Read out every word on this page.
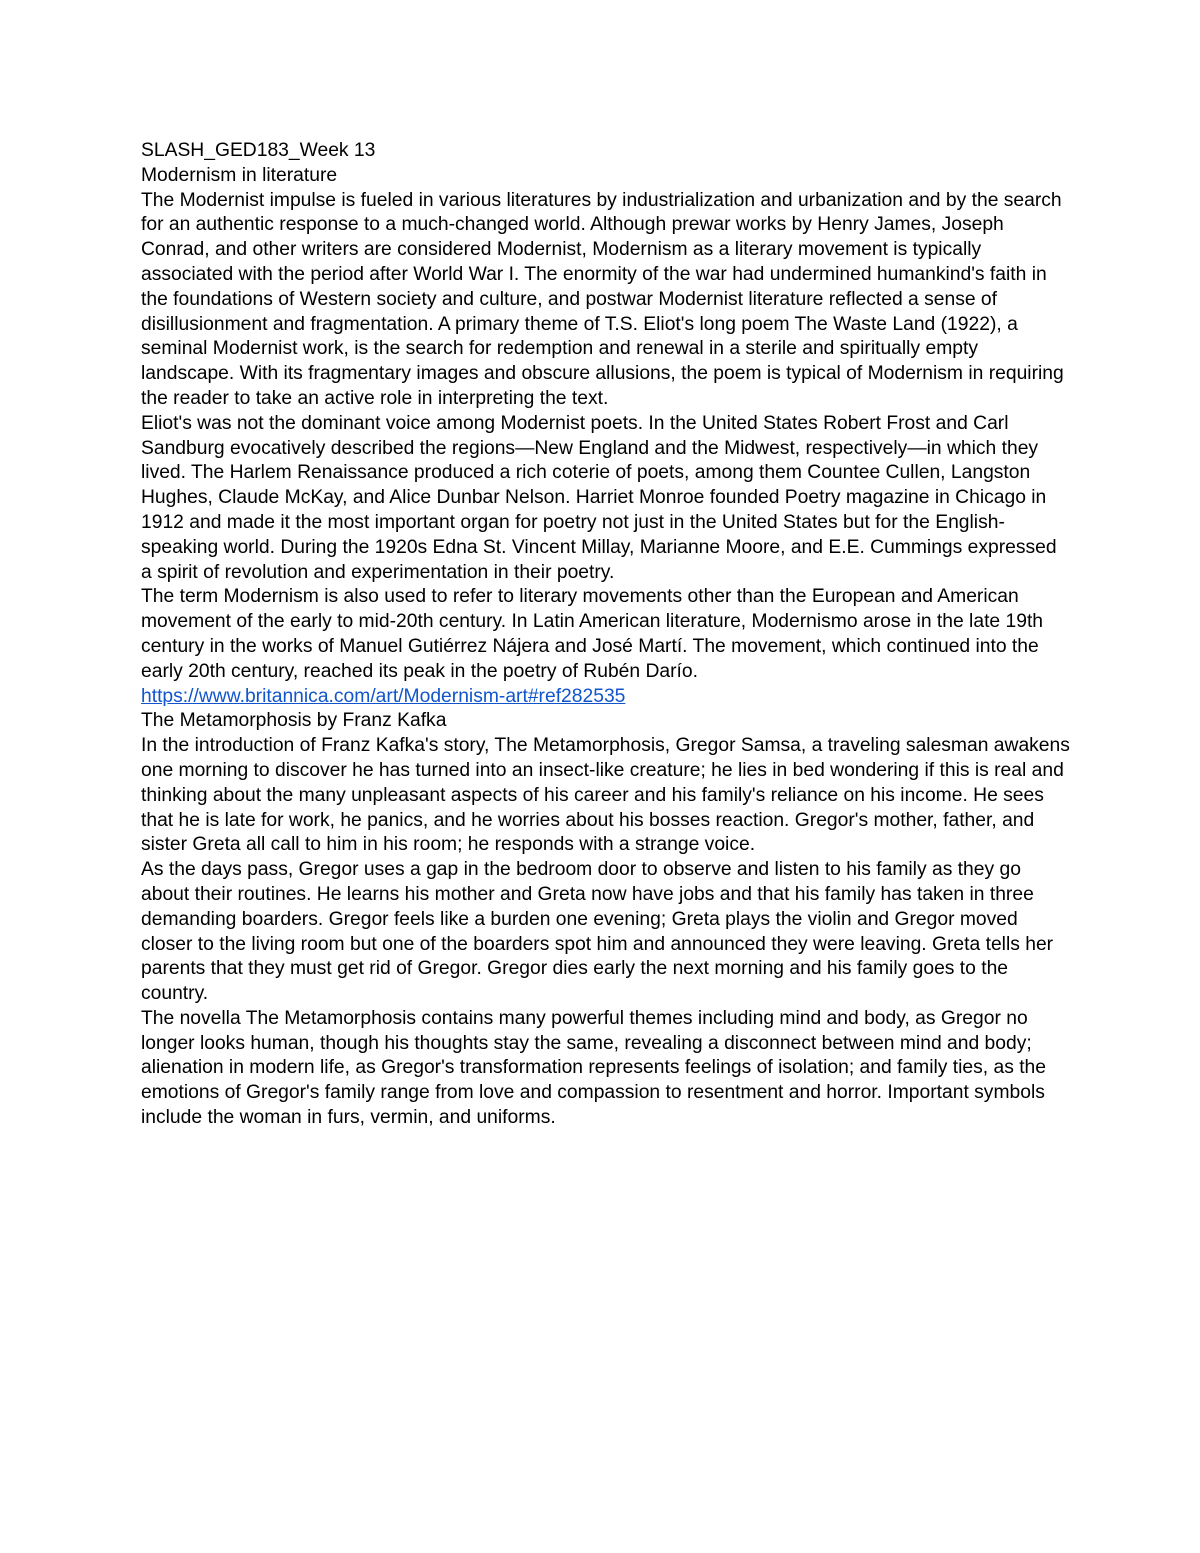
SLASH_GED183_Week 13

Modernism in literature

The Modernist impulse is fueled in various literatures by industrialization and urbanization and by the search for an authentic response to a much-changed world. Although prewar works by Henry James, Joseph Conrad, and other writers are considered Modernist, Modernism as a literary movement is typically associated with the period after World War I. The enormity of the war had undermined humankind's faith in the foundations of Western society and culture, and postwar Modernist literature reflected a sense of disillusionment and fragmentation. A primary theme of T.S. Eliot's long poem The Waste Land (1922), a seminal Modernist work, is the search for redemption and renewal in a sterile and spiritually empty landscape. With its fragmentary images and obscure allusions, the poem is typical of Modernism in requiring the reader to take an active role in interpreting the text.

Eliot's was not the dominant voice among Modernist poets. In the United States Robert Frost and Carl Sandburg evocatively described the regions—New England and the Midwest, respectively—in which they lived. The Harlem Renaissance produced a rich coterie of poets, among them Countee Cullen, Langston Hughes, Claude McKay, and Alice Dunbar Nelson. Harriet Monroe founded Poetry magazine in Chicago in 1912 and made it the most important organ for poetry not just in the United States but for the English-speaking world. During the 1920s Edna St. Vincent Millay, Marianne Moore, and E.E. Cummings expressed a spirit of revolution and experimentation in their poetry.

The term Modernism is also used to refer to literary movements other than the European and American movement of the early to mid-20th century. In Latin American literature, Modernismo arose in the late 19th century in the works of Manuel Gutiérrez Nájera and José Martí. The movement, which continued into the early 20th century, reached its peak in the poetry of Rubén Darío.

https://www.britannica.com/art/Modernism-art#ref282535

The Metamorphosis by Franz Kafka

In the introduction of Franz Kafka's story, The Metamorphosis, Gregor Samsa, a traveling salesman awakens one morning to discover he has turned into an insect-like creature; he lies in bed wondering if this is real and thinking about the many unpleasant aspects of his career and his family's reliance on his income. He sees that he is late for work, he panics, and he worries about his bosses reaction. Gregor's mother, father, and sister Greta all call to him in his room; he responds with a strange voice.

As the days pass, Gregor uses a gap in the bedroom door to observe and listen to his family as they go about their routines. He learns his mother and Greta now have jobs and that his family has taken in three demanding boarders. Gregor feels like a burden one evening; Greta plays the violin and Gregor moved closer to the living room but one of the boarders spot him and announced they were leaving. Greta tells her parents that they must get rid of Gregor. Gregor dies early the next morning and his family goes to the country.

The novella The Metamorphosis contains many powerful themes including mind and body, as Gregor no longer looks human, though his thoughts stay the same, revealing a disconnect between mind and body; alienation in modern life, as Gregor's transformation represents feelings of isolation; and family ties, as the emotions of Gregor's family range from love and compassion to resentment and horror. Important symbols include the woman in furs, vermin, and uniforms.
